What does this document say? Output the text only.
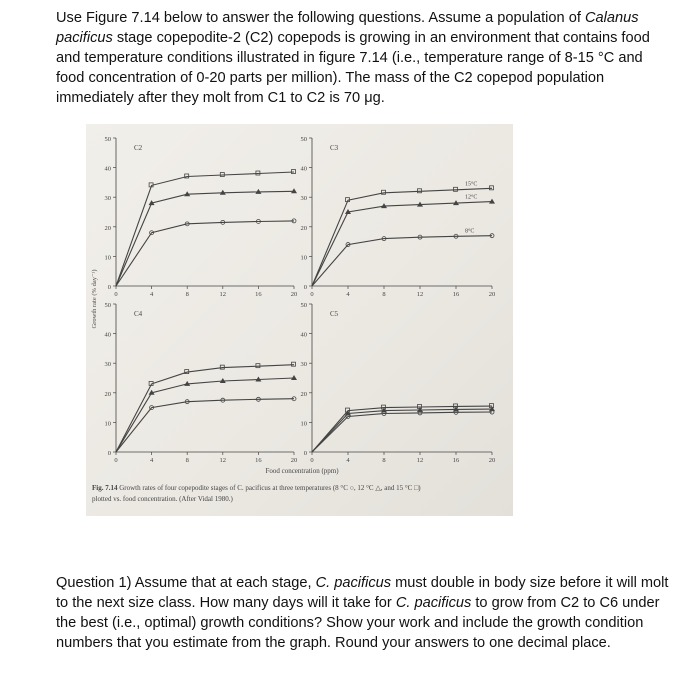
Use Figure 7.14 below to answer the following questions. Assume a population of Calanus pacificus stage copepodite-2 (C2) copepods is growing in an environment that contains food and temperature conditions illustrated in figure 7.14 (i.e., temperature range of 8-15 °C and food concentration of 0-20 parts per million). The mass of the C2 copepod population immediately after they molt from C1 to C2 is 70 μg.

0
10
20
30
40
50
0	4	8	12	16	20
C2
0
10
20
30
40
50
0	4	8	12	16	20
C3
15°C
12°C
8°C
0
10
20
30
40
50
0	4	8	12	16	20
C4
0
10
20
30
40
50
0	4	8	12	16	20
C5
Growth rate (% day⁻¹)
Food concentration (ppm)
Fig. 7.14 Growth rates of four copepodite stages of C. pacificus at three temperatures (8 °C ○, 12 °C △, and 15 °C □)
plotted vs. food concentration. (After Vidal 1980.)

Question 1) Assume that at each stage, C. pacificus must double in body size before it will molt to the next size class. How many days will it take for C. pacificus to grow from C2 to C6 under the best (i.e., optimal) growth conditions? Show your work and include the growth condition numbers that you estimate from the graph. Round your answers to one decimal place.
